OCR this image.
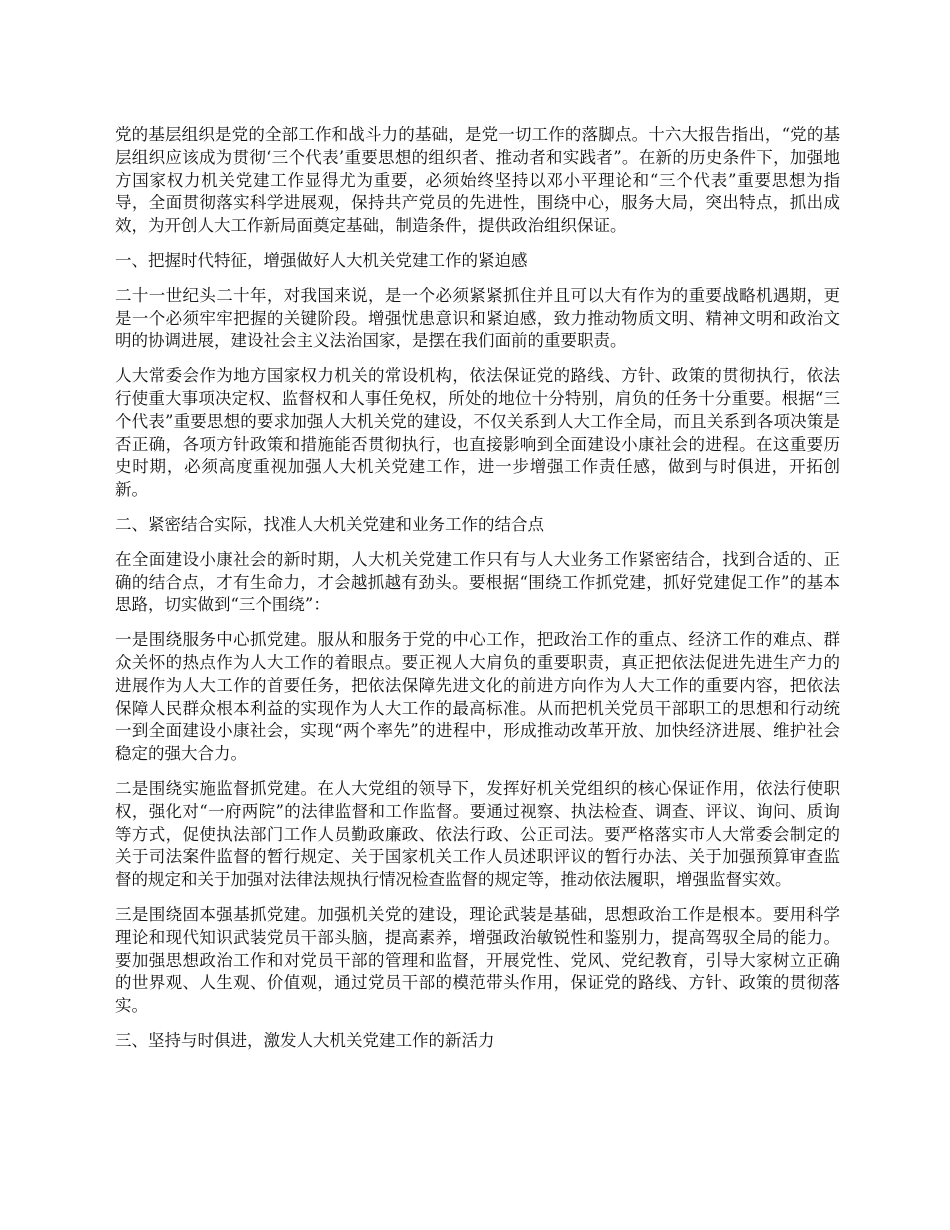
党的基层组织是党的全部工作和战斗力的基础，是党一切工作的落脚点。十六大报告指出，“党的基层组织应该成为贯彻‘三个代表’重要思想的组织者、推动者和实践者”。在新的历史条件下，加强地方国家权力机关党建工作显得尤为重要，必须始终坚持以邓小平理论和“三个代表”重要思想为指导，全面贯彻落实科学进展观，保持共产党员的先进性，围绕中心，服务大局，突出特点，抓出成效，为开创人大工作新局面奠定基础，制造条件，提供政治组织保证。

一、把握时代特征，增强做好人大机关党建工作的紧迫感

二十一世纪头二十年，对我国来说，是一个必须紧紧抓住并且可以大有作为的重要战略机遇期，更是一个必须牢牢把握的关键阶段。增强忧患意识和紧迫感，致力推动物质文明、精神文明和政治文明的协调进展，建设社会主义法治国家，是摆在我们面前的重要职责。

人大常委会作为地方国家权力机关的常设机构，依法保证党的路线、方针、政策的贯彻执行，依法行使重大事项决定权、监督权和人事任免权，所处的地位十分特别，肩负的任务十分重要。根据“三个代表”重要思想的要求加强人大机关党的建设，不仅关系到人大工作全局，而且关系到各项决策是否正确，各项方针政策和措施能否贯彻执行，也直接影响到全面建设小康社会的进程。在这重要历史时期，必须高度重视加强人大机关党建工作，进一步增强工作责任感，做到与时俱进，开拓创新。

二、紧密结合实际，找准人大机关党建和业务工作的结合点

在全面建设小康社会的新时期，人大机关党建工作只有与人大业务工作紧密结合，找到合适的、正确的结合点，才有生命力，才会越抓越有劲头。要根据“围绕工作抓党建，抓好党建促工作”的基本思路，切实做到“三个围绕”：

一是围绕服务中心抓党建。服从和服务于党的中心工作，把政治工作的重点、经济工作的难点、群众关怀的热点作为人大工作的着眼点。要正视人大肩负的重要职责，真正把依法促进先进生产力的进展作为人大工作的首要任务，把依法保障先进文化的前进方向作为人大工作的重要内容，把依法保障人民群众根本利益的实现作为人大工作的最高标准。从而把机关党员干部职工的思想和行动统一到全面建设小康社会，实现“两个率先”的进程中，形成推动改革开放、加快经济进展、维护社会稳定的强大合力。

二是围绕实施监督抓党建。在人大党组的领导下，发挥好机关党组织的核心保证作用，依法行使职权，强化对“一府两院”的法律监督和工作监督。要通过视察、执法检查、调查、评议、询问、质询等方式，促使执法部门工作人员勤政廉政、依法行政、公正司法。要严格落实市人大常委会制定的关于司法案件监督的暂行规定、关于国家机关工作人员述职评议的暂行办法、关于加强预算审查监督的规定和关于加强对法律法规执行情况检查监督的规定等，推动依法履职，增强监督实效。

三是围绕固本强基抓党建。加强机关党的建设，理论武装是基础，思想政治工作是根本。要用科学理论和现代知识武装党员干部头脑，提高素养，增强政治敏锐性和鉴别力，提高驾驭全局的能力。要加强思想政治工作和对党员干部的管理和监督，开展党性、党风、党纪教育，引导大家树立正确的世界观、人生观、价值观，通过党员干部的模范带头作用，保证党的路线、方针、政策的贯彻落实。

三、坚持与时俱进，激发人大机关党建工作的新活力
